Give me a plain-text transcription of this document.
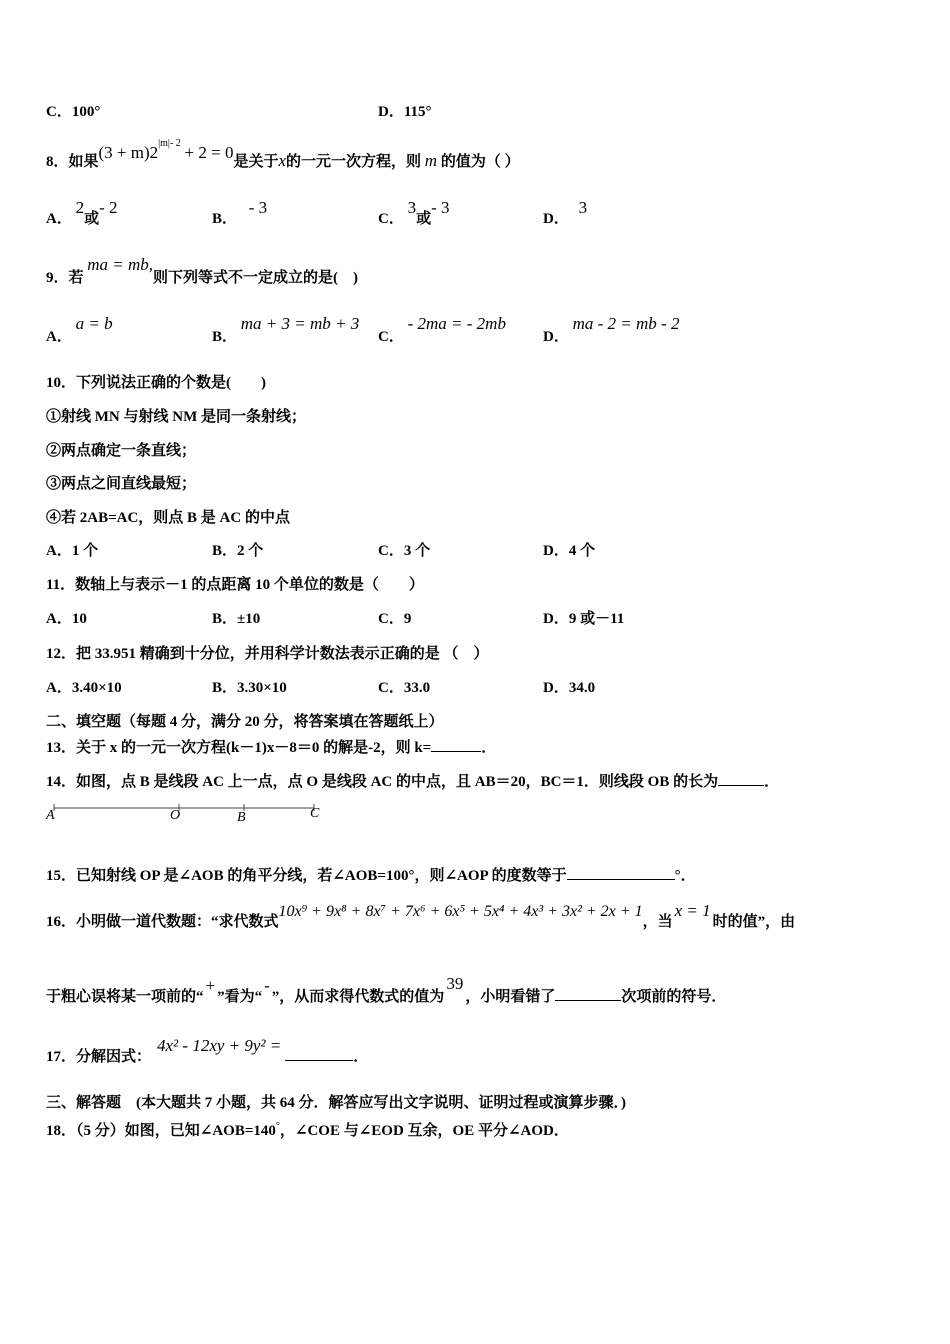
C．100°	D．115°
8．如果$(3 + m)2^{|m|- 2} + 2 = 0$是关于x的一元一次方程，则 m 的值为（ ）
A． 2或- 2
B． - 3
C． 3或- 3
D． 3
9．若 ma = mb,则下列等式不一定成立的是(　)
A． a = b
B． ma + 3 = mb + 3
C． - 2ma = - 2mb
D． ma - 2 = mb - 2
10．下列说法正确的个数是(　　)
①射线 MN 与射线 NM 是同一条射线；
②两点确定一条直线；
③两点之间直线最短；
④若 2AB=AC，则点 B 是 AC 的中点
A．1 个	B．2 个	C．3 个	D．4 个
11．数轴上与表示－1 的点距离 10 个单位的数是（　　）
A．10	B．±10	C．9	D．9 或－11
12．把 33.951 精确到十分位，并用科学计数法表示正确的是 （　）
A．3.40×10	B．3.30×10	C．33.0	D．34.0
二、填空题（每题 4 分，满分 20 分，将答案填在答题纸上）
13．关于 x 的一元一次方程(k－1)x－8＝0 的解是-2，则 k=	．
14．如图，点 B 是线段 AC 上一点，点 O 是线段 AC 的中点，且 AB＝20，BC＝1．则线段 OB 的长为	．
A	O	B	C
15．已知射线 OP 是∠AOB 的角平分线，若∠AOB=100°，则∠AOP 的度数等于	°．
16．小明做一道代数题：“求代数式10x⁹ + 9x⁸ + 8x⁷ + 7x⁶ + 6x⁵ + 5x⁴ + 4x³ + 3x² + 2x + 1，当x = 1时的值”，由
于粗心误将某一项前的“+”看为“-”，从而求得代数式的值为39，小明看错了	次项前的符号．
17．分解因式：4x² - 12xy + 9y² =．
三、解答题　(本大题共 7 小题，共 64 分．解答应写出文字说明、证明过程或演算步骤．)
18．（5 分）如图，已知∠AOB=140°，∠COE 与∠EOD 互余，OE 平分∠AOD．
